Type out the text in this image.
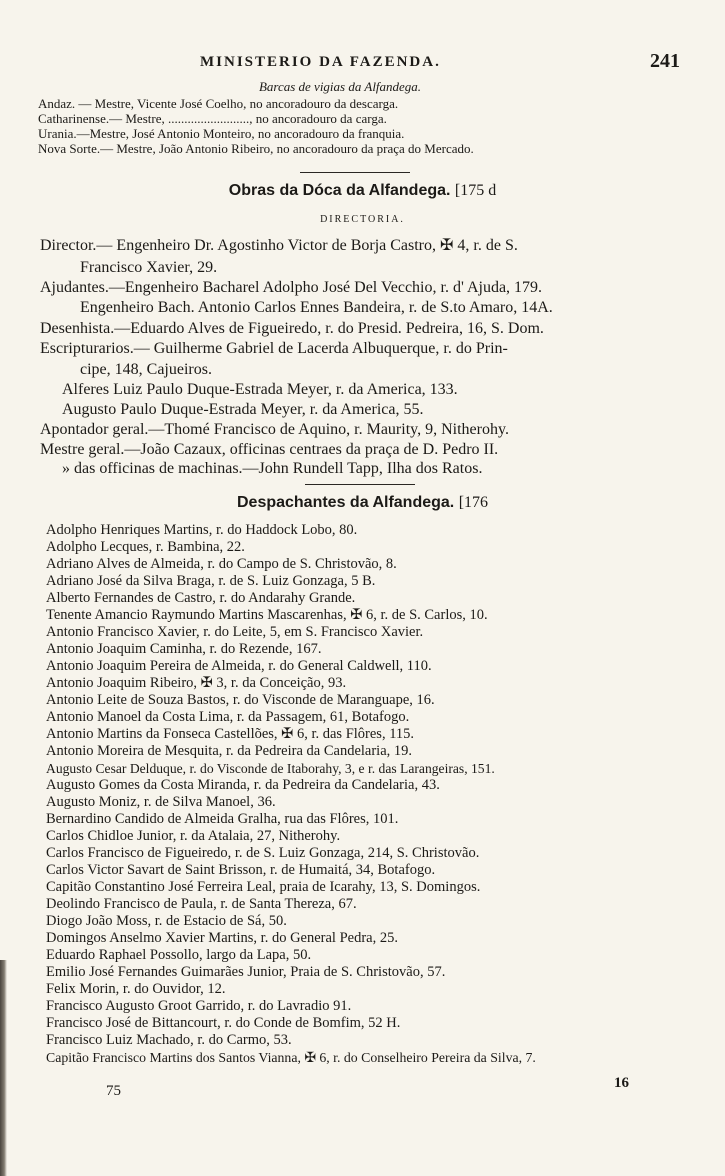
MINISTERIO DA FAZENDA.	241
Barcas de vigias da Alfandega.
Andaz. — Mestre, Vicente José Coelho, no ancoradouro da descarga.
Catharinense.— Mestre, ........................., no ancoradouro da carga.
Urania.—Mestre, José Antonio Monteiro, no ancoradouro da franquia.
Nova Sorte.— Mestre, João Antonio Ribeiro, no ancoradouro da praça do Mercado.
Obras da Dóca da Alfandega. [175 d
DIRECTORIA.
Director.— Engenheiro Dr. Agostinho Victor de Borja Castro, ✠ 4, r. de S.
Francisco Xavier, 29.
Ajudantes.—Engenheiro Bacharel Adolpho José Del Vecchio, r. d' Ajuda, 179.
Engenheiro Bach. Antonio Carlos Ennes Bandeira, r. de S.to Amaro, 14A.
Desenhista.—Eduardo Alves de Figueiredo, r. do Presid. Pedreira, 16, S. Dom.
Escripturarios.— Guilherme Gabriel de Lacerda Albuquerque, r. do Prin-
cipe, 148, Cajueiros.
Alferes Luiz Paulo Duque-Estrada Meyer, r. da America, 133.
Augusto Paulo Duque-Estrada Meyer, r. da America, 55.
Apontador geral.—Thomé Francisco de Aquino, r. Maurity, 9, Nitherohy.
Mestre geral.—João Cazaux, officinas centraes da praça de D. Pedro II.
» das officinas de machinas.—John Rundell Tapp, Ilha dos Ratos.
Despachantes da Alfandega. [176
Adolpho Henriques Martins, r. do Haddock Lobo, 80.
Adolpho Lecques, r. Bambina, 22.
Adriano Alves de Almeida, r. do Campo de S. Christovão, 8.
Adriano José da Silva Braga, r. de S. Luiz Gonzaga, 5 B.
Alberto Fernandes de Castro, r. do Andarahy Grande.
Tenente Amancio Raymundo Martins Mascarenhas, ✠ 6, r. de S. Carlos, 10.
Antonio Francisco Xavier, r. do Leite, 5, em S. Francisco Xavier.
Antonio Joaquim Caminha, r. do Rezende, 167.
Antonio Joaquim Pereira de Almeida, r. do General Caldwell, 110.
Antonio Joaquim Ribeiro, ✠ 3, r. da Conceição, 93.
Antonio Leite de Souza Bastos, r. do Visconde de Maranguape, 16.
Antonio Manoel da Costa Lima, r. da Passagem, 61, Botafogo.
Antonio Martins da Fonseca Castellões, ✠ 6, r. das Flôres, 115.
Antonio Moreira de Mesquita, r. da Pedreira da Candelaria, 19.
Augusto Cesar Delduque, r. do Visconde de Itaborahy, 3, e r. das Larangeiras, 151.
Augusto Gomes da Costa Miranda, r. da Pedreira da Candelaria, 43.
Augusto Moniz, r. de Silva Manoel, 36.
Bernardino Candido de Almeida Gralha, rua das Flôres, 101.
Carlos Chidloe Junior, r. da Atalaia, 27, Nitherohy.
Carlos Francisco de Figueiredo, r. de S. Luiz Gonzaga, 214, S. Christovão.
Carlos Victor Savart de Saint Brisson, r. de Humaitá, 34, Botafogo.
Capitão Constantino José Ferreira Leal, praia de Icarahy, 13, S. Domingos.
Deolindo Francisco de Paula, r. de Santa Thereza, 67.
Diogo João Moss, r. de Estacio de Sá, 50.
Domingos Anselmo Xavier Martins, r. do General Pedra, 25.
Eduardo Raphael Possollo, largo da Lapa, 50.
Emilio José Fernandes Guimarães Junior, Praia de S. Christovão, 57.
Felix Morin, r. do Ouvidor, 12.
Francisco Augusto Groot Garrido, r. do Lavradio 91.
Francisco José de Bittancourt, r. do Conde de Bomfim, 52 H.
Francisco Luiz Machado, r. do Carmo, 53.
Capitão Francisco Martins dos Santos Vianna, ✠ 6, r. do Conselheiro Pereira da Silva, 7.
75	16
